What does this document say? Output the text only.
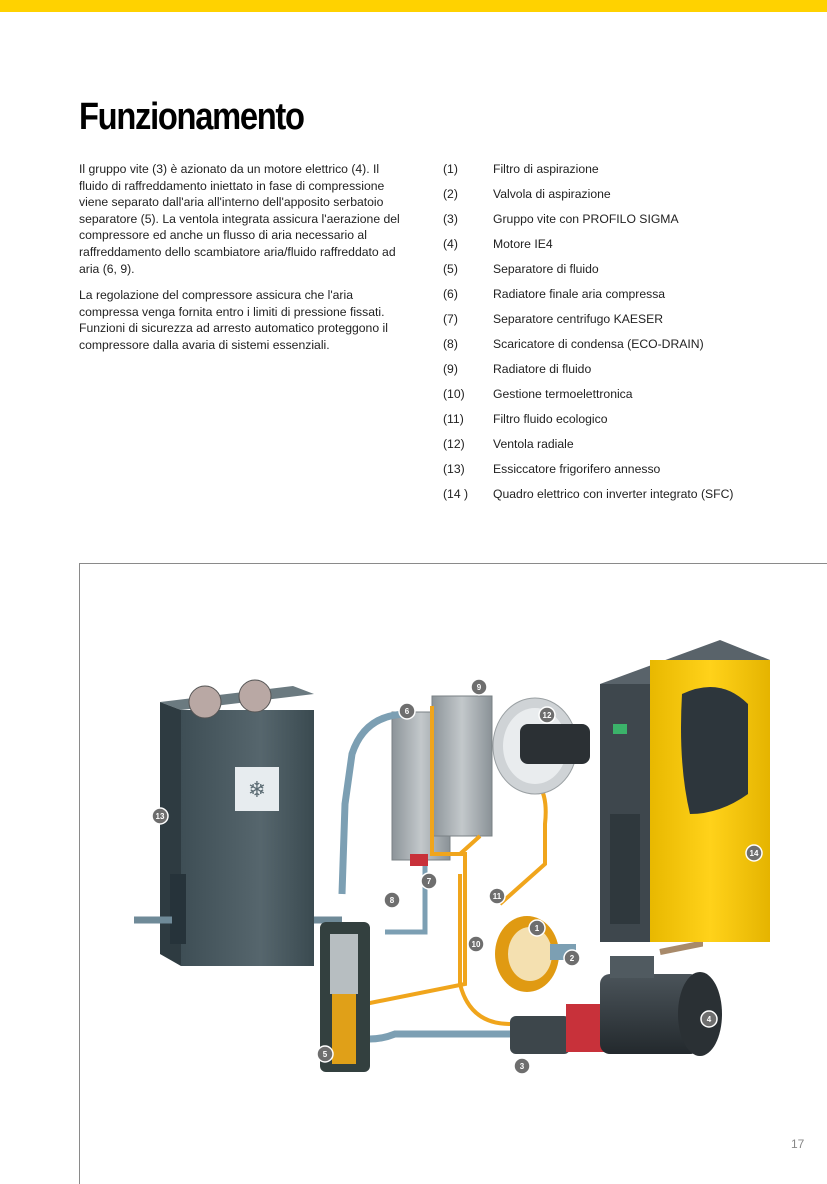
Funzionamento

Il gruppo vite (3) è azionato da un motore elettrico (4). Il fluido di raffreddamento iniettato in fase di compressione viene separato dall'aria all'interno dell'apposito serbatoio separatore (5). La ventola integrata assicura l'aerazione del compressore ed anche un flusso di aria necessario al raffreddamento dello scambiatore aria/fluido raffreddato ad aria (6, 9).

La regolazione del compressore assicura che l'aria compressa venga fornita entro i limiti di pressione fissati. Funzioni di sicurezza ad arresto automatico proteggono il compressore dalla avaria di sistemi essenziali.

(1)	Filtro di aspirazione
(2)	Valvola di aspirazione
(3)	Gruppo vite con PROFILO SIGMA
(4)	Motore IE4
(5)	Separatore di fluido
(6)	Radiatore finale aria compressa
(7)	Separatore centrifugo KAESER
(8)	Scaricatore di condensa (ECO-DRAIN)
(9)	Radiatore di fluido
(10) Gestione termoelettronica
(11) Filtro fluido ecologico
(12) Ventola radiale
(13) Essiccatore frigorifero annesso
(14 ) Quadro elettrico con inverter integrato (SFC)
❄
13
6
9
12
14
7
8	11
1
10
2
4
5
3
17
